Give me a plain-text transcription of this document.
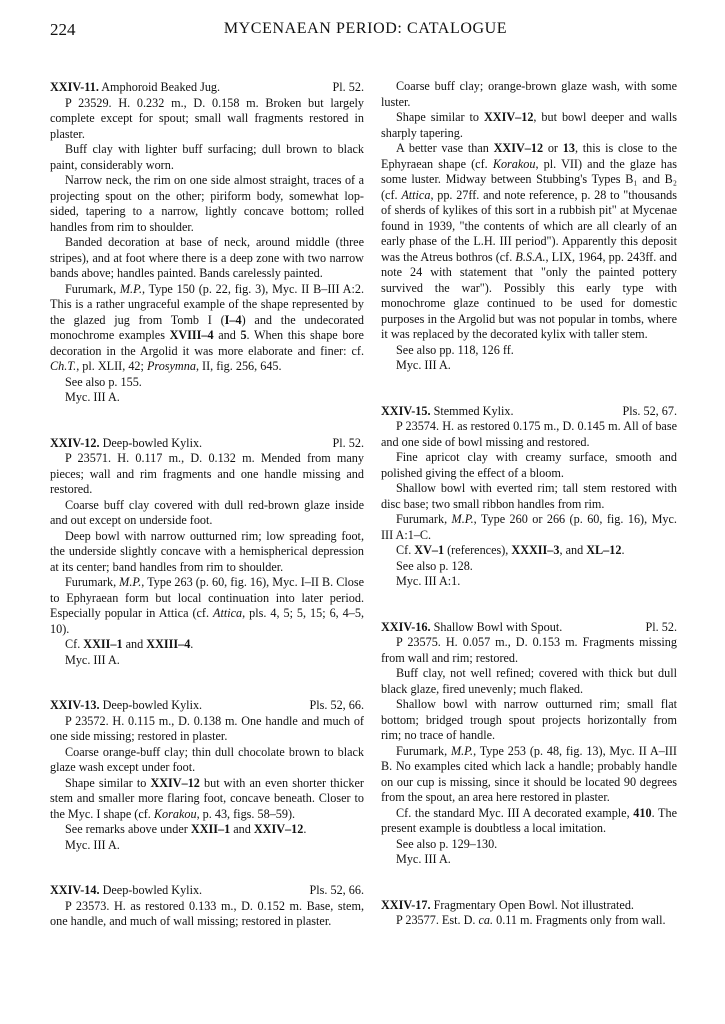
224	MYCENAEAN PERIOD: CATALOGUE

XXIV-11. Amphoroid Beaked Jug.	Pl. 52.

P 23529. H. 0.232 m., D. 0.158 m. Broken but largely complete except for spout; small wall fragments restored in plaster.

Buff clay with lighter buff surfacing; dull brown to black paint, considerably worn.

Narrow neck, the rim on one side almost straight, traces of a projecting spout on the other; piriform body, somewhat lop-sided, tapering to a narrow, lightly concave bottom; rolled handles from rim to shoulder.

Banded decoration at base of neck, around middle (three stripes), and at foot where there is a deep zone with two narrow bands above; handles painted. Bands carelessly painted.

Furumark, M.P., Type 150 (p. 22, fig. 3), Myc. II B–III A:2. This is a rather ungraceful example of the shape represented by the glazed jug from Tomb I (I–4) and the undecorated monochrome examples XVIII–4 and 5. When this shape bore decoration in the Argolid it was more elaborate and finer: cf. Ch.T., pl. XLII, 42; Prosymna, II, fig. 256, 645.

See also p. 155.

Myc. III A.

XXIV-12. Deep-bowled Kylix.	Pl. 52.

P 23571. H. 0.117 m., D. 0.132 m. Mended from many pieces; wall and rim fragments and one handle missing and restored.

Coarse buff clay covered with dull red-brown glaze inside and out except on underside foot.

Deep bowl with narrow outturned rim; low spreading foot, the underside slightly concave with a hemispherical depression at its center; band handles from rim to shoulder.

Furumark, M.P., Type 263 (p. 60, fig. 16), Myc. I–II B. Close to Ephyraean form but local continuation into later period. Especially popular in Attica (cf. Attica, pls. 4, 5; 5, 15; 6, 4–5, 10).

Cf. XXII–1 and XXIII–4.

Myc. III A.

XXIV-13. Deep-bowled Kylix.	Pls. 52, 66.

P 23572. H. 0.115 m., D. 0.138 m. One handle and much of one side missing; restored in plaster.

Coarse orange-buff clay; thin dull chocolate brown to black glaze wash except under foot.

Shape similar to XXIV–12 but with an even shorter thicker stem and smaller more flaring foot, concave beneath. Closer to the Myc. I shape (cf. Korakou, p. 43, figs. 58–59).

See remarks above under XXII–1 and XXIV–12.

Myc. III A.

XXIV-14. Deep-bowled Kylix.	Pls. 52, 66.

P 23573. H. as restored 0.133 m., D. 0.152 m. Base, stem, one handle, and much of wall missing; restored in plaster.

Coarse buff clay; orange-brown glaze wash, with some luster.

Shape similar to XXIV–12, but bowl deeper and walls sharply tapering.

A better vase than XXIV–12 or 13, this is close to the Ephyraean shape (cf. Korakou, pl. VII) and the glaze has some luster. Midway between Stubbing's Types B₁ and B₂ (cf. Attica, pp. 27ff. and note reference, p. 28 to "thousands of sherds of kylikes of this sort in a rubbish pit" at Mycenae found in 1939, "the contents of which are all clearly of an early phase of the L.H. III period"). Apparently this deposit was the Atreus bothros (cf. B.S.A., LIX, 1964, pp. 243ff. and note 24 with statement that "only the painted pottery survived the war"). Possibly this early type with monochrome glaze continued to be used for domestic purposes in the Argolid but was not popular in tombs, where it was replaced by the decorated kylix with taller stem.

See also pp. 118, 126 ff.

Myc. III A.

XXIV-15. Stemmed Kylix.	Pls. 52, 67.

P 23574. H. as restored 0.175 m., D. 0.145 m. All of base and one side of bowl missing and restored.

Fine apricot clay with creamy surface, smooth and polished giving the effect of a bloom.

Shallow bowl with everted rim; tall stem restored with disc base; two small ribbon handles from rim.

Furumark, M.P., Type 260 or 266 (p. 60, fig. 16), Myc. III A:1–C.

Cf. XV–1 (references), XXXII–3, and XL–12.

See also p. 128.

Myc. III A:1.

XXIV-16. Shallow Bowl with Spout.	Pl. 52.

P 23575. H. 0.057 m., D. 0.153 m. Fragments missing from wall and rim; restored.

Buff clay, not well refined; covered with thick but dull black glaze, fired unevenly; much flaked.

Shallow bowl with narrow outturned rim; small flat bottom; bridged trough spout projects horizontally from rim; no trace of handle.

Furumark, M.P., Type 253 (p. 48, fig. 13), Myc. II A–III B. No examples cited which lack a handle; probably handle on our cup is missing, since it should be located 90 degrees from the spout, an area here restored in plaster.

Cf. the standard Myc. III A decorated example, 410. The present example is doubtless a local imitation.

See also p. 129–130.

Myc. III A.

XXIV-17. Fragmentary Open Bowl. Not illustrated.

P 23577. Est. D. ca. 0.11 m. Fragments only from wall.
